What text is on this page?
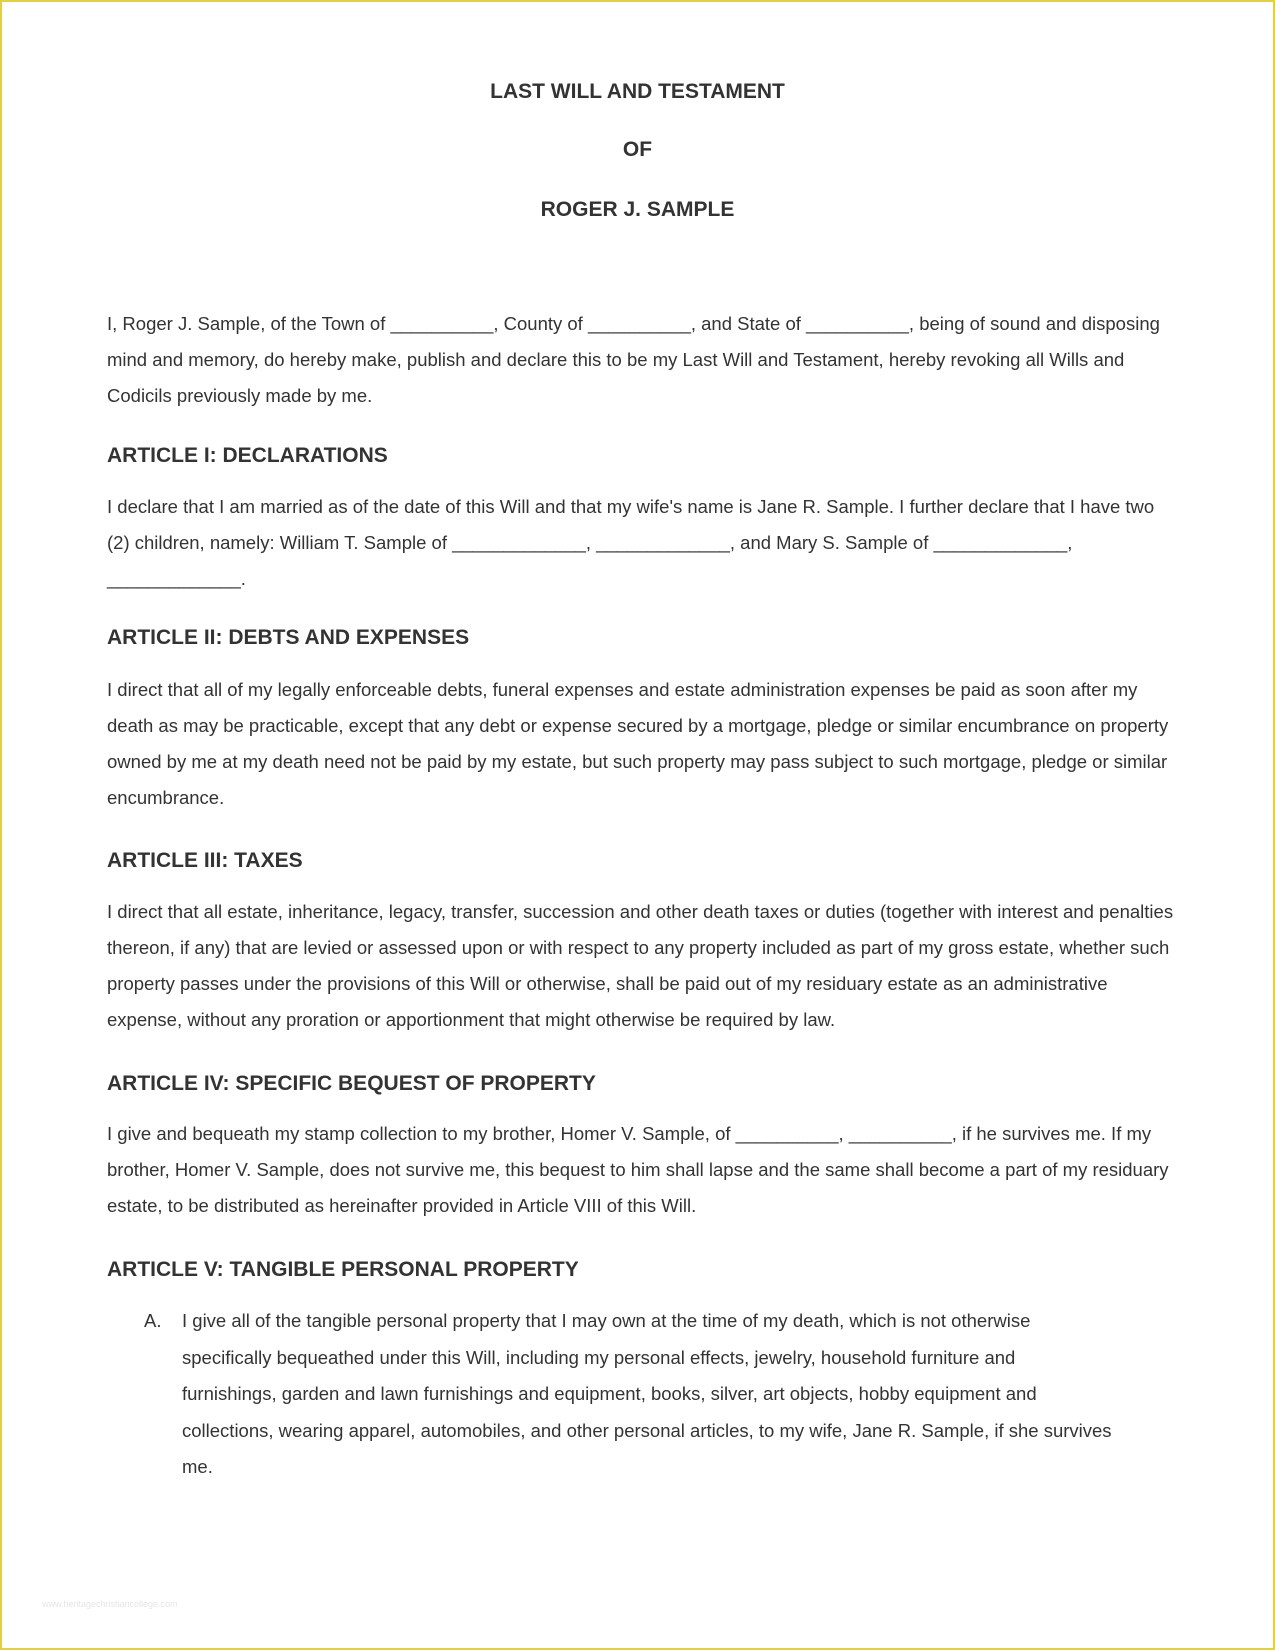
LAST WILL AND TESTAMENT
OF
ROGER J. SAMPLE
I, Roger J. Sample, of the Town of __________, County of __________, and State of __________, being of sound and disposing mind and memory, do hereby make, publish and declare this to be my Last Will and Testament, hereby revoking all Wills and Codicils previously made by me.
ARTICLE I: DECLARATIONS
I declare that I am married as of the date of this Will and that my wife's name is Jane R. Sample. I further declare that I have two (2) children, namely: William T. Sample of _____________, _____________, and Mary S. Sample of _____________, _____________.
ARTICLE II: DEBTS AND EXPENSES
I direct that all of my legally enforceable debts, funeral expenses and estate administration expenses be paid as soon after my death as may be practicable, except that any debt or expense secured by a mortgage, pledge or similar encumbrance on property owned by me at my death need not be paid by my estate, but such property may pass subject to such mortgage, pledge or similar encumbrance.
ARTICLE III: TAXES
I direct that all estate, inheritance, legacy, transfer, succession and other death taxes or duties (together with interest and penalties thereon, if any) that are levied or assessed upon or with respect to any property included as part of my gross estate, whether such property passes under the provisions of this Will or otherwise, shall be paid out of my residuary estate as an administrative expense, without any proration or apportionment that might otherwise be required by law.
ARTICLE IV: SPECIFIC BEQUEST OF PROPERTY
I give and bequeath my stamp collection to my brother, Homer V. Sample, of __________, __________, if he survives me. If my brother, Homer V. Sample, does not survive me, this bequest to him shall lapse and the same shall become a part of my residuary estate, to be distributed as hereinafter provided in Article VIII of this Will.
ARTICLE V: TANGIBLE PERSONAL PROPERTY
A. I give all of the tangible personal property that I may own at the time of my death, which is not otherwise specifically bequeathed under this Will, including my personal effects, jewelry, household furniture and furnishings, garden and lawn furnishings and equipment, books, silver, art objects, hobby equipment and collections, wearing apparel, automobiles, and other personal articles, to my wife, Jane R. Sample, if she survives me.
www.heritagechristiancollege.com
